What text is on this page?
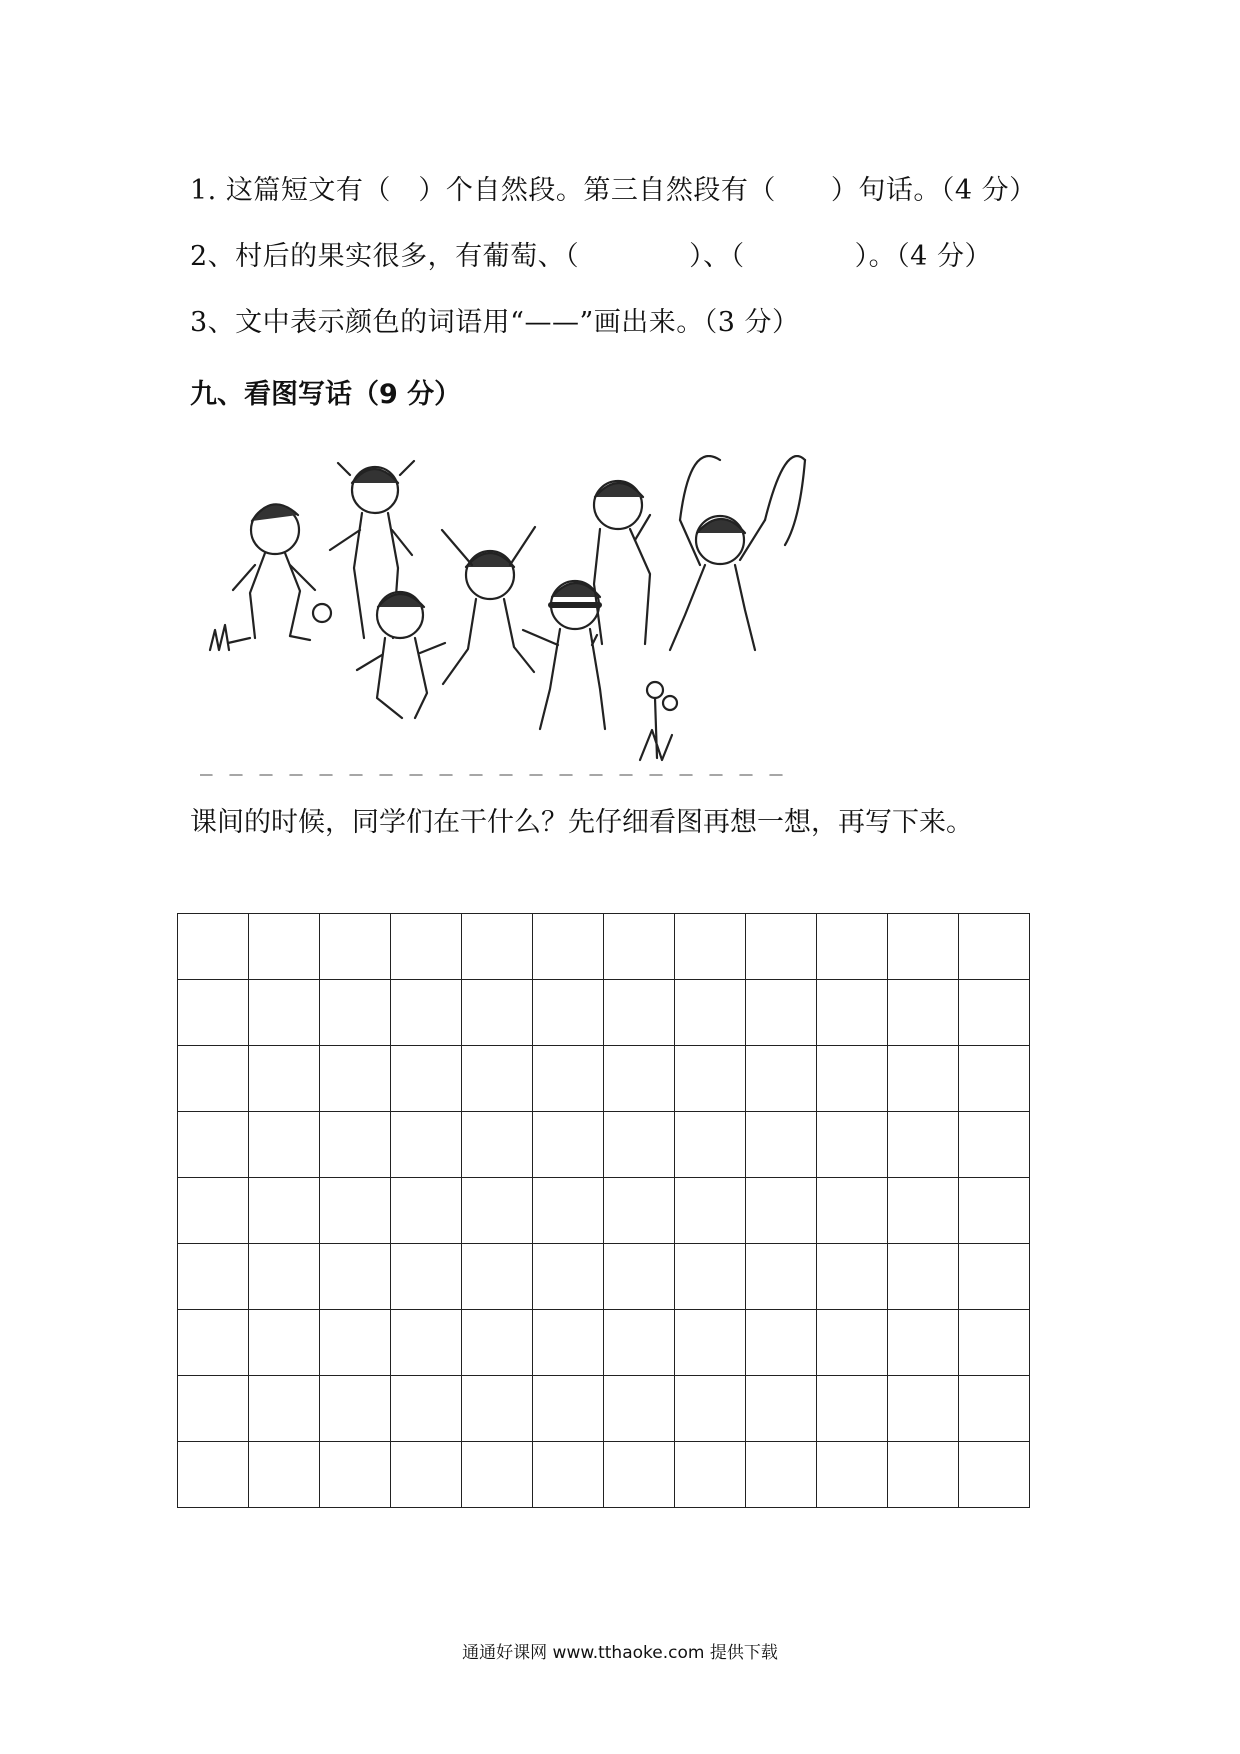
1. 这篇短文有（　）个自然段。第三自然段有（　　）句话。（4 分）
2、村后的果实很多，有葡萄、（　　　　）、（　　　　）。（4 分）
3、文中表示颜色的词语用“——”画出来。（3 分）
九、看图写话（9 分）
课间的时候，同学们在干什么？先仔细看图再想一想，再写下来。

通通好课网 www.tthaoke.com 提供下载
